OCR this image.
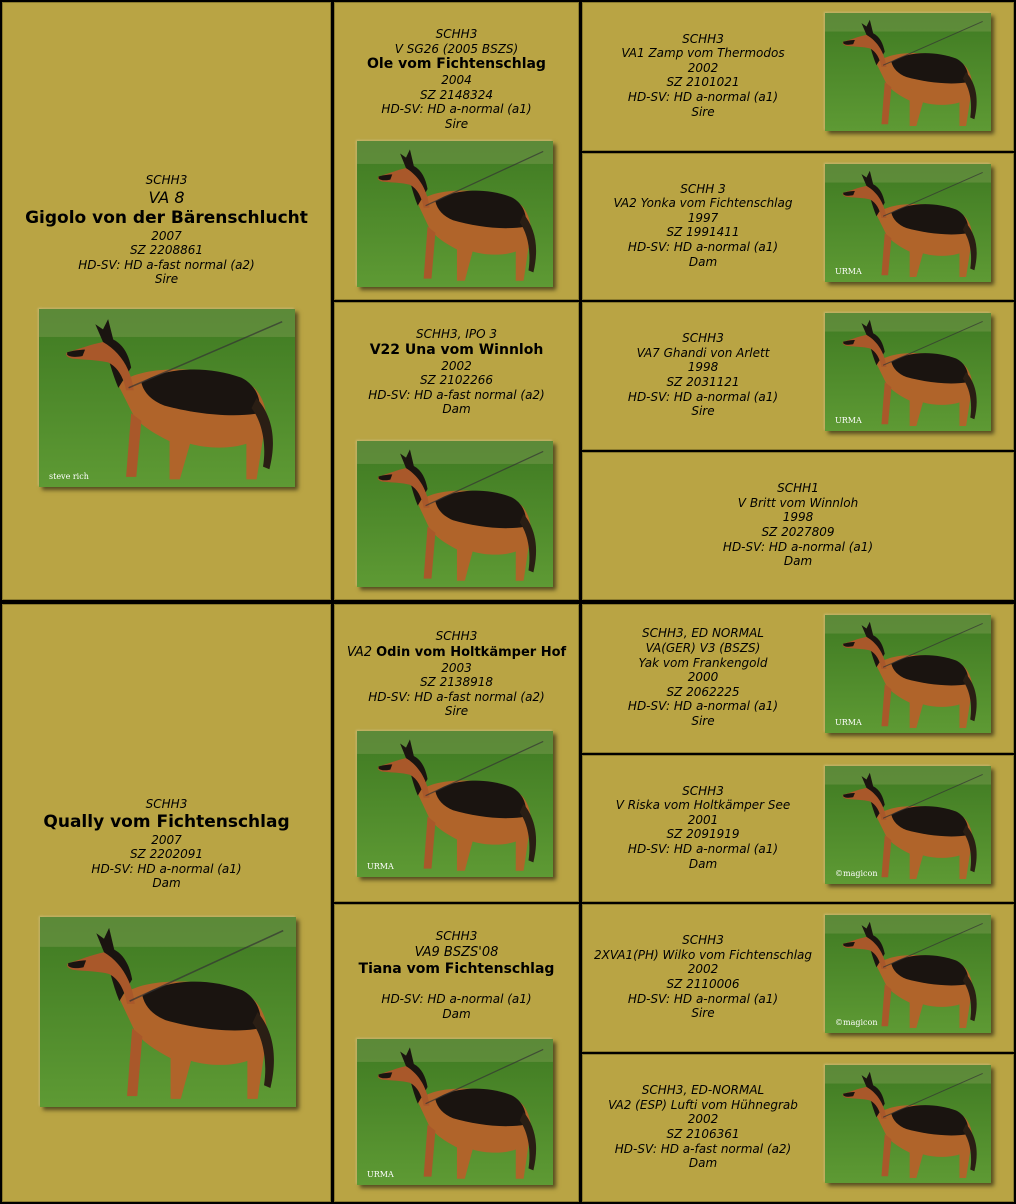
SCHH3
VA 8
Gigolo von der Bärenschlucht
2007
SZ 2208861
HD-SV: HD a-fast normal (a2)
Sire
steve rich
SCHH3
V SG26 (2005 BSZS)
Ole vom Fichtenschlag
2004
SZ 2148324
HD-SV: HD a-normal (a1)
Sire
SCHH3, IPO 3
V22 Una vom Winnloh
2002
SZ 2102266
HD-SV: HD a-fast normal (a2)
Dam
SCHH3
VA1 Zamp vom Thermodos
2002
SZ 2101021
HD-SV: HD a-normal (a1)
Sire
SCHH 3
VA2 Yonka vom Fichtenschlag
1997
SZ 1991411
HD-SV: HD a-normal (a1)
Dam
URMA
SCHH3
VA7 Ghandi von Arlett
1998
SZ 2031121
HD-SV: HD a-normal (a1)
Sire
URMA
SCHH1
V Britt vom Winnloh
1998
SZ 2027809
HD-SV: HD a-normal (a1)
Dam
SCHH3
Qually vom Fichtenschlag
2007
SZ 2202091
HD-SV: HD a-normal (a1)
Dam
SCHH3
VA2 Odin vom Holtkämper Hof
2003
SZ 2138918
HD-SV: HD a-fast normal (a2)
Sire
URMA
SCHH3
VA9 BSZS'08
Tiana vom Fichtenschlag

HD-SV: HD a-normal (a1)
Dam
URMA
SCHH3, ED NORMAL
VA(GER) V3 (BSZS)
Yak vom Frankengold
2000
SZ 2062225
HD-SV: HD a-normal (a1)
Sire	URMA
SCHH3
V Riska vom Holtkämper See
2001
SZ 2091919
HD-SV: HD a-normal (a1)
Dam
©magicon
SCHH3
2XVA1(PH) Wilko vom Fichtenschlag
2002
SZ 2110006
HD-SV: HD a-normal (a1)
Sire
©magicon
SCHH3, ED-NORMAL
VA2 (ESP) Lufti vom Hühnegrab
2002
SZ 2106361
HD-SV: HD a-fast normal (a2)
Dam
